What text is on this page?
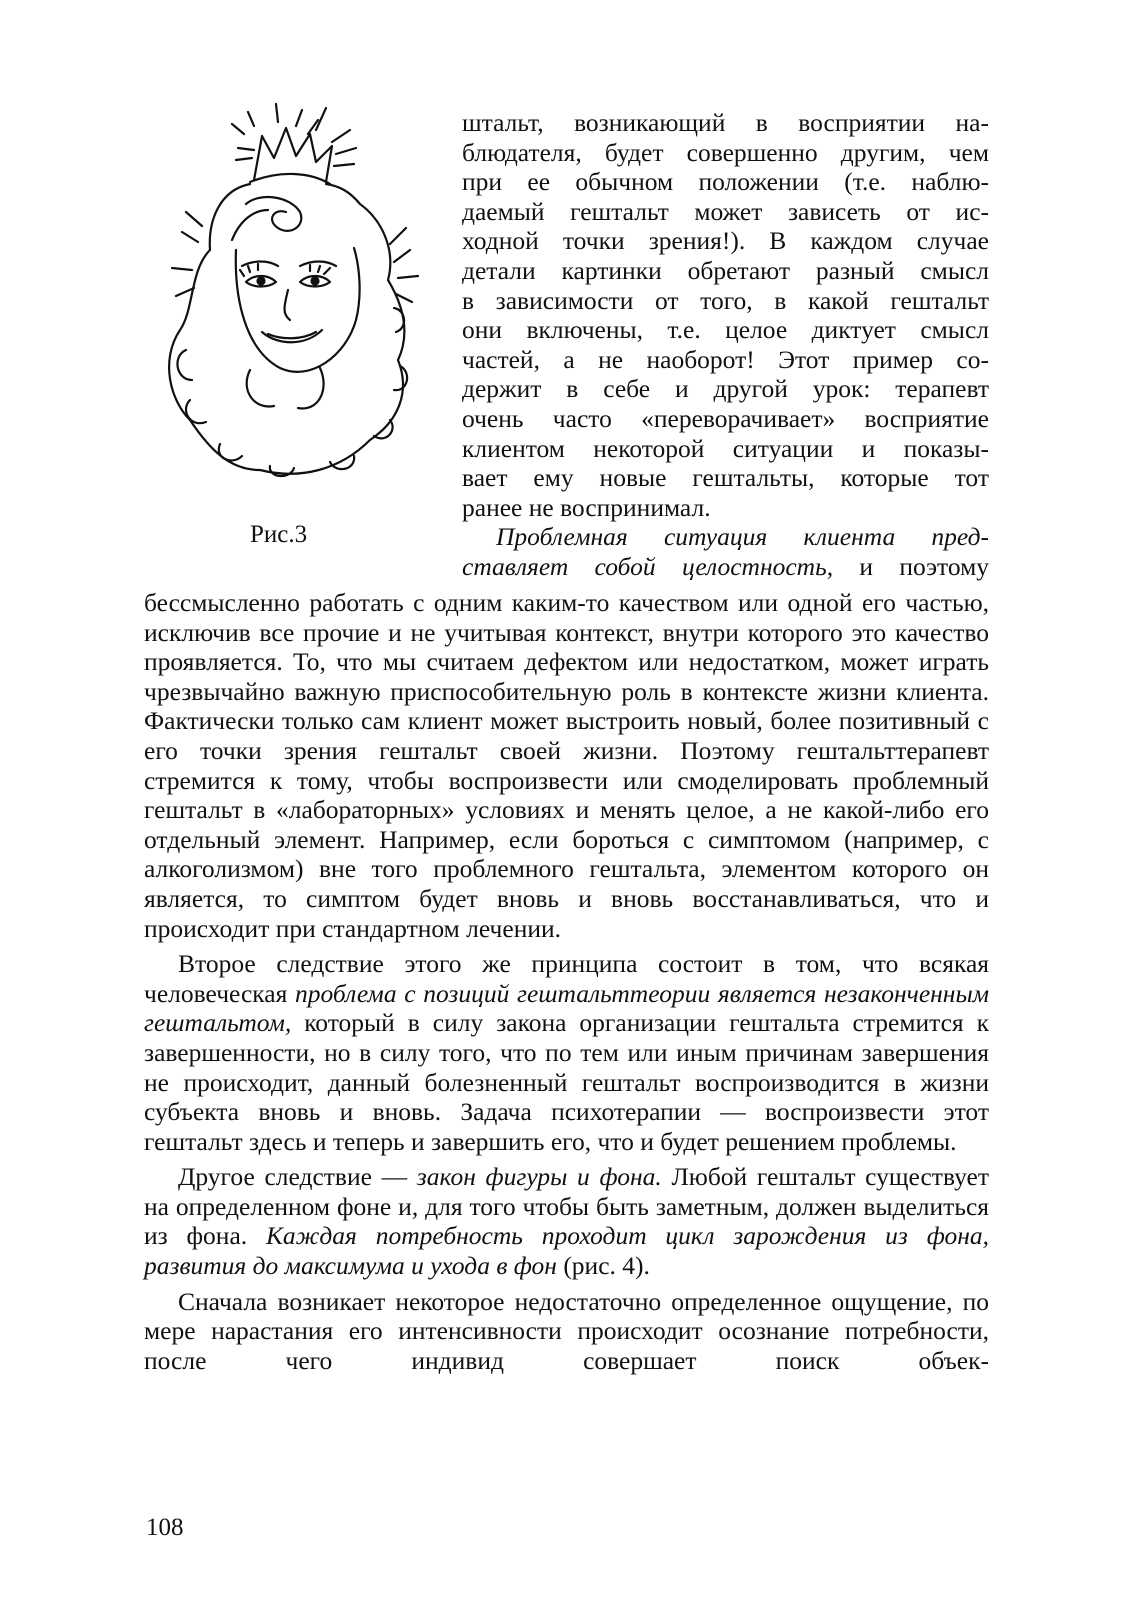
Рис.3

штальт, возникающий в восприятии на-

блюдателя, будет совершенно другим, чем

при ее обычном положении (т.е. наблю-

даемый гештальт может зависеть от ис-

ходной точки зрения!). В каждом случае

детали картинки обретают разный смысл

в зависимости от того, в какой гештальт

они включены, т.е. целое диктует смысл

частей, а не наоборот! Этот пример со-

держит в себе и другой урок: терапевт

очень часто «переворачивает» восприятие

клиентом некоторой ситуации и показы-

вает ему новые гештальты, которые тот

ранее не воспринимал.

Проблемная ситуация клиента пред-

ставляет собой целостность, и поэтому

бессмысленно работать с одним каким-то качеством или одной его частью, исключив все прочие и не учитывая контекст, внутри которого это качество проявляется. То, что мы считаем дефектом или недостатком, может играть чрезвычайно важную приспособительную роль в контексте жизни клиента. Фактически только сам клиент может выстроить новый, более позитивный с его точки зрения гештальт своей жизни. Поэтому гештальттерапевт стремится к тому, чтобы воспроизвести или смоделировать проблемный гештальт в «лабораторных» условиях и менять целое, а не какой-либо его отдельный элемент. Например, если бороться с симптомом (например, с алкоголизмом) вне того проблемного гештальта, элементом которого он является, то симптом будет вновь и вновь восстанавливаться, что и происходит при стандартном лечении.

Второе следствие этого же принципа состоит в том, что всякая человеческая проблема с позиций гештальттеории является незаконченным гештальтом, который в силу закона организации гештальта стремится к завершенности, но в силу того, что по тем или иным причинам завершения не происходит, данный болезненный гештальт воспроизводится в жизни субъекта вновь и вновь. Задача психотерапии — воспроизвести этот гештальт здесь и теперь и завершить его, что и будет решением проблемы.

Другое следствие — закон фигуры и фона. Любой гештальт существует на определенном фоне и, для того чтобы быть заметным, должен выделиться из фона. Каждая потребность проходит цикл зарождения из фона, развития до максимума и ухода в фон (рис. 4).

Сначала возникает некоторое недостаточно определенное ощущение, по мере нарастания его интенсивности происходит осознание потребности, после чего индивид совершает поиск объек-

108
